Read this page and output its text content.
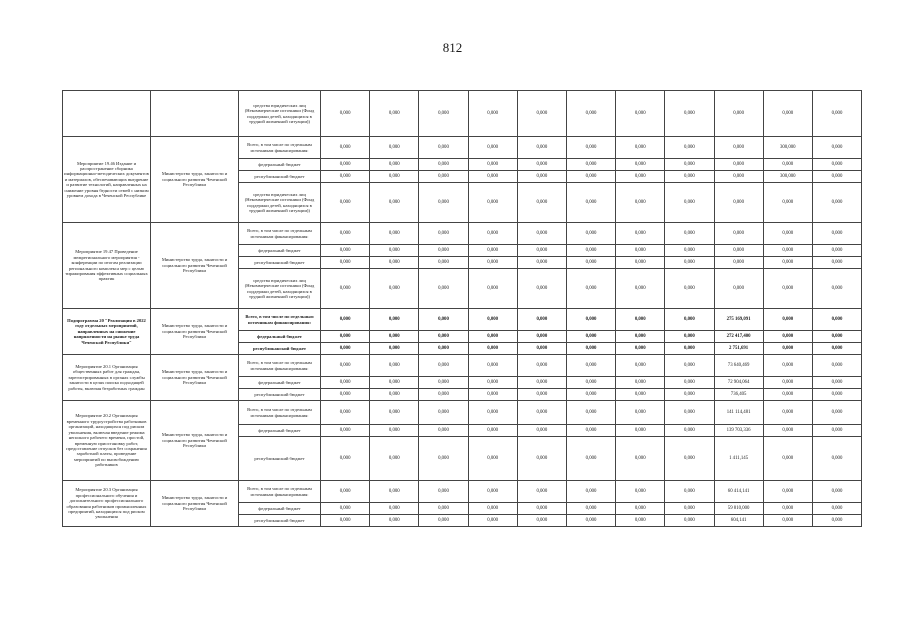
812
		средства юридических лиц (Некоммерческие источники (Фонд поддержки детей, находящихся в трудной жизненной ситуации))	0,000	0,000	0,000	0,000	0,000	0,000	0,000	0,000	0,000	0,000	0,000
Мероприятие 19.46 Издание и распространение сборника информационно-методических документов и материалов, обеспечивающих внедрение и развитие технологий, направленных на снижение уровня бедности семей с низким уровнем дохода в Чеченской Республике	Министерство труда, занятости и социального развития Чеченской Республики	Всего, в том числе по отдельным источникам финансирования:	0,000	0,000	0,000	0,000	0,000	0,000	0,000	0,000	0,000	300,000	0,000
		федеральный бюджет	0,000	0,000	0,000	0,000	0,000	0,000	0,000	0,000	0,000	0,000	0,000
		республиканский бюджет	0,000	0,000	0,000	0,000	0,000	0,000	0,000	0,000	0,000	300,000	0,000
		средства юридических лиц (Некоммерческие источники (Фонд поддержки детей, находящихся в трудной жизненной ситуации))	0,000	0,000	0,000	0,000	0,000	0,000	0,000	0,000	0,000	0,000	0,000
Мероприятие 19.47 Проведение межрегионального мероприятия - конференции по итогам реализации регионального комплекса мер с целью тиражирования эффективных социальных практик	Министерство труда, занятости и социального развития Чеченской Республики	Всего, в том числе по отдельным источникам финансирования:	0,000	0,000	0,000	0,000	0,000	0,000	0,000	0,000	0,000	0,000	0,000
		федеральный бюджет	0,000	0,000	0,000	0,000	0,000	0,000	0,000	0,000	0,000	0,000	0,000
		республиканский бюджет	0,000	0,000	0,000	0,000	0,000	0,000	0,000	0,000	0,000	0,000	0,000
		средства юридических лиц (Некоммерческие источники (Фонд поддержки детей, находящихся в трудной жизненной ситуации))	0,000	0,000	0,000	0,000	0,000	0,000	0,000	0,000	0,000	0,000	0,000
Подпрограмма 20 "Реализация в 2022 году отдельных мероприятий, направленных на снижение напряженности на рынке труда Чеченской Республики"	Министерство труда, занятости и социального развития Чеченской Республики	Всего, в том числе по отдельным источникам финансирования:	0,000	0,000	0,000	0,000	0,000	0,000	0,000	0,000	275 169,091	0,000	0,000
		федеральный бюджет	0,000	0,000	0,000	0,000	0,000	0,000	0,000	0,000	272 417,400	0,000	0,000
		республиканский бюджет	0,000	0,000	0,000	0,000	0,000	0,000	0,000	0,000	2 751,691	0,000	0,000
Мероприятие 20.1 Организация общественных работ для граждан, зарегистрированных в органах службы занятости в целях поиска подходящей работы, включая безработных граждан	Министерство труда, занятости и социального развития Чеченской Республики	Всего, в том числе по отдельным источникам финансирования:	0,000	0,000	0,000	0,000	0,000	0,000	0,000	0,000	73 640,469	0,000	0,000
		федеральный бюджет	0,000	0,000	0,000	0,000	0,000	0,000	0,000	0,000	72 904,064	0,000	0,000
		республиканский бюджет	0,000	0,000	0,000	0,000	0,000	0,000	0,000	0,000	736,405	0,000	0,000
Мероприятие 20.2 Организация временного трудоустройства работников организаций, находящихся под риском увольнения, включая введение режима неполного рабочего времени, простой, временную приостановку работ, предоставление отпусков без сохранения заработной платы, проведение мероприятий по высвобождению работников	Министерство труда, занятости и социального развития Чеченской Республики	Всего, в том числе по отдельным источникам финансирования:	0,000	0,000	0,000	0,000	0,000	0,000	0,000	0,000	141 114,481	0,000	0,000
		федеральный бюджет	0,000	0,000	0,000	0,000	0,000	0,000	0,000	0,000	139 703,336	0,000	0,000
		республиканский бюджет	0,000	0,000	0,000	0,000	0,000	0,000	0,000	0,000	1 411,145	0,000	0,000
Мероприятие 20.3 Организация профессионального обучения и дополнительного профессионального образования работников промышленных предприятий, находящихся под риском увольнения	Министерство труда, занятости и социального развития Чеченской Республики	Всего, в том числе по отдельным источникам финансирования:	0,000	0,000	0,000	0,000	0,000	0,000	0,000	0,000	60 414,141	0,000	0,000
		федеральный бюджет	0,000	0,000	0,000	0,000	0,000	0,000	0,000	0,000	59 810,000	0,000	0,000
		республиканский бюджет	0,000	0,000	0,000	0,000	0,000	0,000	0,000	0,000	604,141	0,000	0,000
